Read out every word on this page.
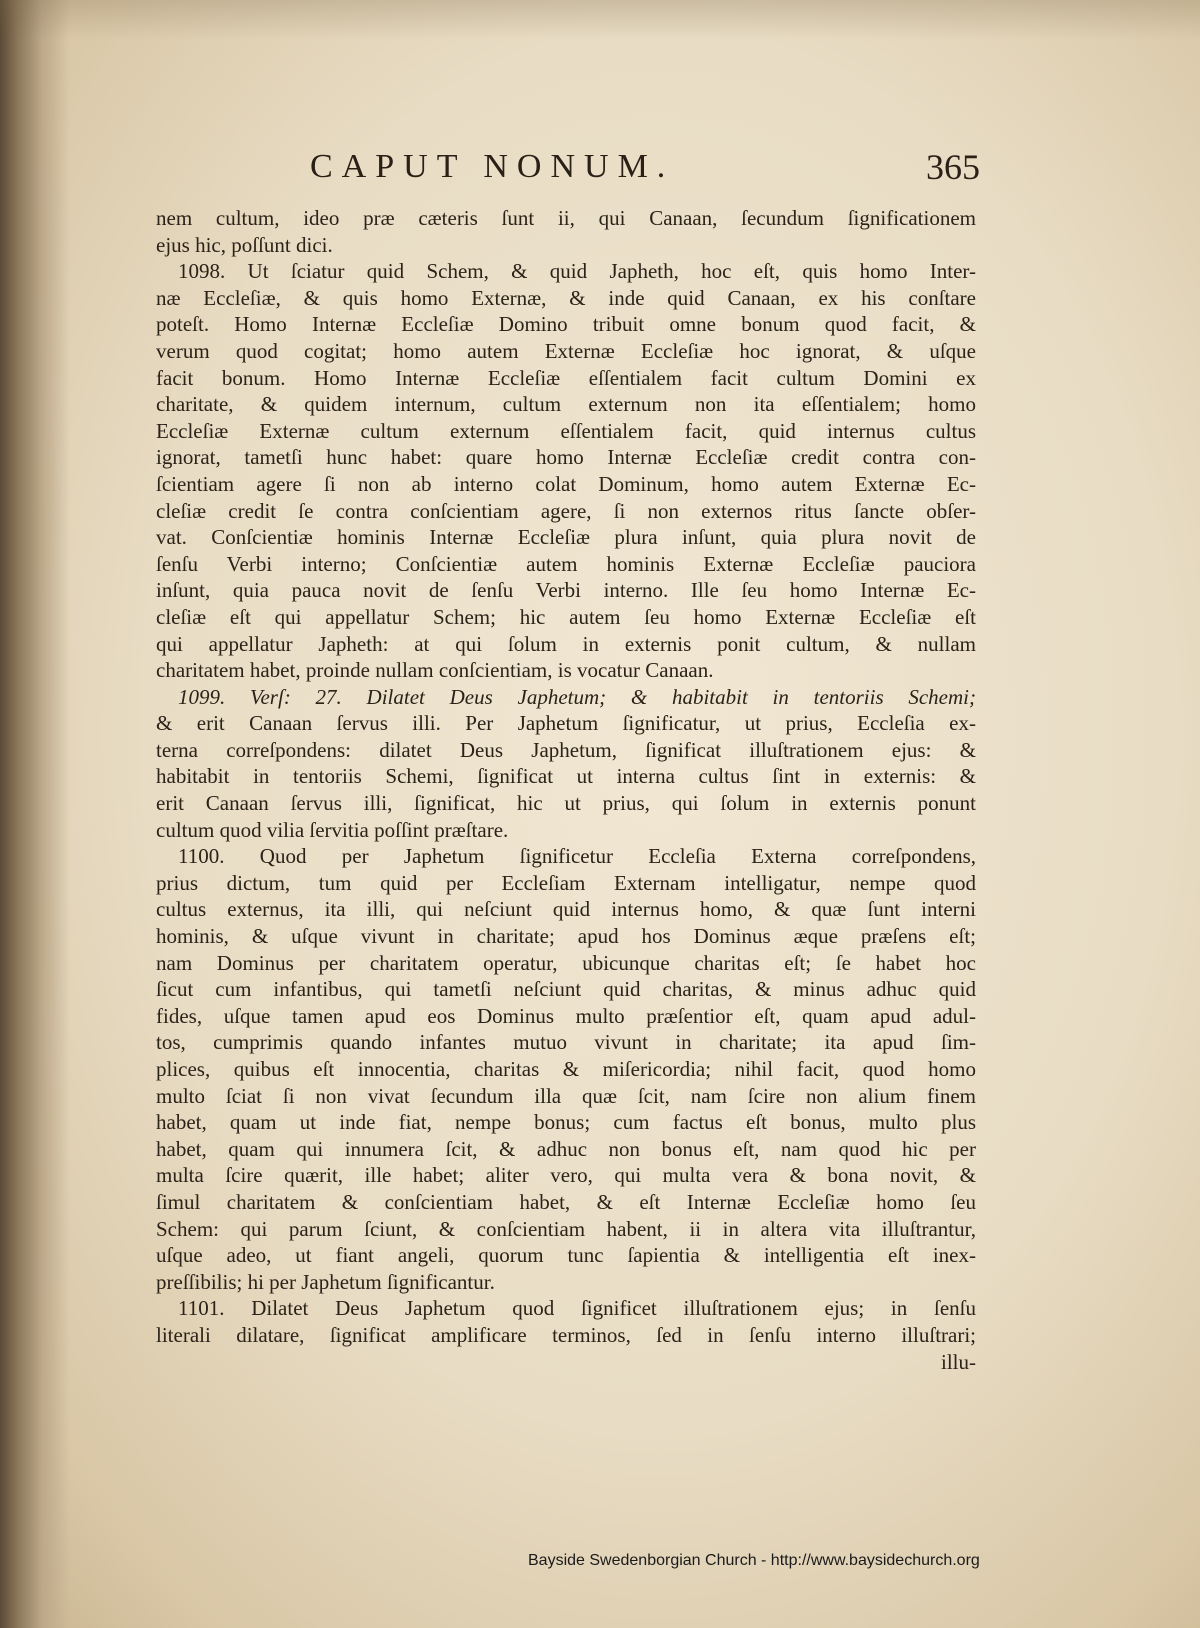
CAPUT NONUM.	365
nem cultum, ideo præ cæteris ſunt ii, qui Canaan, ſecundum ſignificationem
ejus hic, poſſunt dici.
1098. Ut ſciatur quid Schem, & quid Japheth, hoc eſt, quis homo Inter-
næ Eccleſiæ, & quis homo Externæ, & inde quid Canaan, ex his conſtare
poteſt. Homo Internæ Eccleſiæ Domino tribuit omne bonum quod facit, &
verum quod cogitat; homo autem Externæ Eccleſiæ hoc ignorat, & uſque
facit bonum. Homo Internæ Eccleſiæ eſſentialem facit cultum Domini ex
charitate, & quidem internum, cultum externum non ita eſſentialem; homo
Eccleſiæ Externæ cultum externum eſſentialem facit, quid internus cultus
ignorat, tametſi hunc habet: quare homo Internæ Eccleſiæ credit contra con-
ſcientiam agere ſi non ab interno colat Dominum, homo autem Externæ Ec-
cleſiæ credit ſe contra conſcientiam agere, ſi non externos ritus ſancte obſer-
vat. Conſcientiæ hominis Internæ Eccleſiæ plura inſunt, quia plura novit de
ſenſu Verbi interno; Conſcientiæ autem hominis Externæ Eccleſiæ pauciora
inſunt, quia pauca novit de ſenſu Verbi interno. Ille ſeu homo Internæ Ec-
cleſiæ eſt qui appellatur Schem; hic autem ſeu homo Externæ Eccleſiæ eſt
qui appellatur Japheth: at qui ſolum in externis ponit cultum, & nullam
charitatem habet, proinde nullam conſcientiam, is vocatur Canaan.
1099. Verſ: 27. Dilatet Deus Japhetum; & habitabit in tentoriis Schemi;
& erit Canaan ſervus illi. Per Japhetum ſignificatur, ut prius, Eccleſia ex-
terna correſpondens: dilatet Deus Japhetum, ſignificat illuſtrationem ejus: &
habitabit in tentoriis Schemi, ſignificat ut interna cultus ſint in externis: &
erit Canaan ſervus illi, ſignificat, hic ut prius, qui ſolum in externis ponunt
cultum quod vilia ſervitia poſſint præſtare.
1100. Quod per Japhetum ſignificetur Eccleſia Externa correſpondens,
prius dictum, tum quid per Eccleſiam Externam intelligatur, nempe quod
cultus externus, ita illi, qui neſciunt quid internus homo, & quæ ſunt interni
hominis, & uſque vivunt in charitate; apud hos Dominus æque præſens eſt;
nam Dominus per charitatem operatur, ubicunque charitas eſt; ſe habet hoc
ſicut cum infantibus, qui tametſi neſciunt quid charitas, & minus adhuc quid
fides, uſque tamen apud eos Dominus multo præſentior eſt, quam apud adul-
tos, cumprimis quando infantes mutuo vivunt in charitate; ita apud ſim-
plices, quibus eſt innocentia, charitas & miſericordia; nihil facit, quod homo
multo ſciat ſi non vivat ſecundum illa quæ ſcit, nam ſcire non alium finem
habet, quam ut inde fiat, nempe bonus; cum factus eſt bonus, multo plus
habet, quam qui innumera ſcit, & adhuc non bonus eſt, nam quod hic per
multa ſcire quærit, ille habet; aliter vero, qui multa vera & bona novit, &
ſimul charitatem & conſcientiam habet, & eſt Internæ Eccleſiæ homo ſeu
Schem: qui parum ſciunt, & conſcientiam habent, ii in altera vita illuſtrantur,
uſque adeo, ut fiant angeli, quorum tunc ſapientia & intelligentia eſt inex-
preſſibilis; hi per Japhetum ſignificantur.
1101. Dilatet Deus Japhetum quod ſignificet illuſtrationem ejus; in ſenſu
literali dilatare, ſignificat amplificare terminos, ſed in ſenſu interno illuſtrari;
illu-
Bayside Swedenborgian Church - http://www.baysidechurch.org
